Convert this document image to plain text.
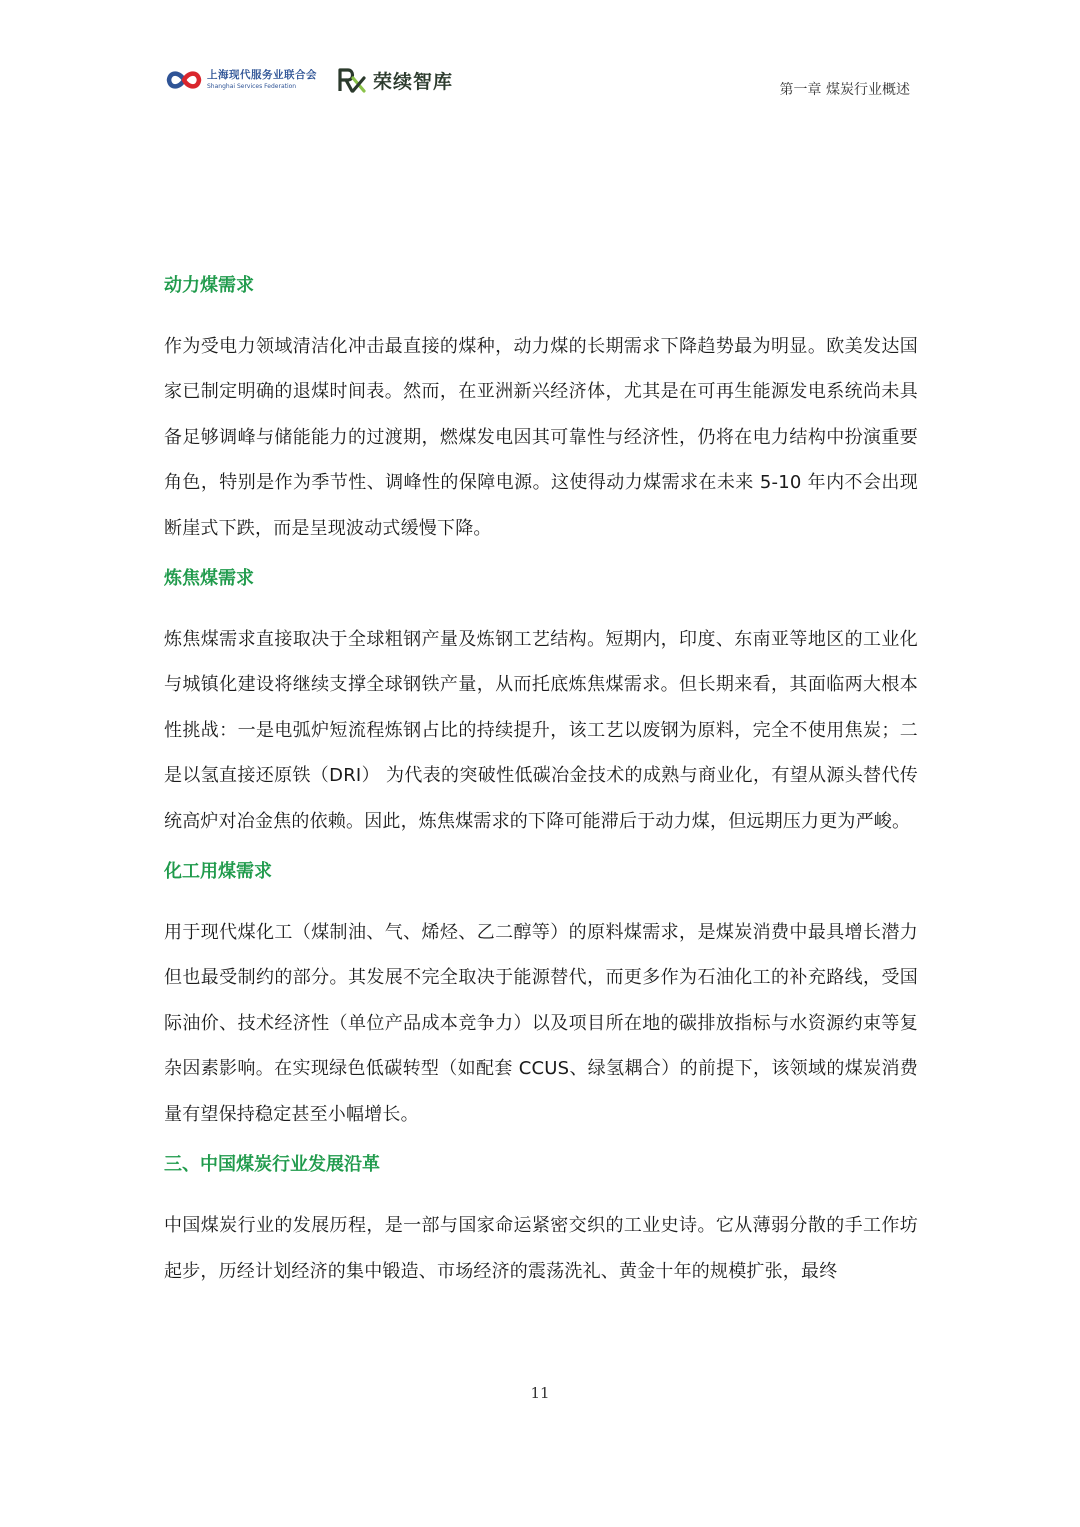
上海现代服务业联合会
Shanghai Services Federation	荣续智库	第一章 煤炭行业概述
动力煤需求

作为受电力领域清洁化冲击最直接的煤种，动力煤的长期需求下降趋势最为明显。欧美发达国家已制定明确的退煤时间表。然而，在亚洲新兴经济体，尤其是在可再生能源发电系统尚未具备足够调峰与储能能力的过渡期，燃煤发电因其可靠性与经济性，仍将在电力结构中扮演重要角色，特别是作为季节性、调峰性的保障电源。这使得动力煤需求在未来 5-10 年内不会出现断崖式下跌，而是呈现波动式缓慢下降。

炼焦煤需求

炼焦煤需求直接取决于全球粗钢产量及炼钢工艺结构。短期内，印度、东南亚等地区的工业化与城镇化建设将继续支撑全球钢铁产量，从而托底炼焦煤需求。但长期来看，其面临两大根本性挑战：一是电弧炉短流程炼钢占比的持续提升，该工艺以废钢为原料，完全不使用焦炭；二是以氢直接还原铁（DRI） 为代表的突破性低碳冶金技术的成熟与商业化，有望从源头替代传统高炉对冶金焦的依赖。因此，炼焦煤需求的下降可能滞后于动力煤，但远期压力更为严峻。

化工用煤需求

用于现代煤化工（煤制油、气、烯烃、乙二醇等）的原料煤需求，是煤炭消费中最具增长潜力但也最受制约的部分。其发展不完全取决于能源替代，而更多作为石油化工的补充路线，受国际油价、技术经济性（单位产品成本竞争力）以及项目所在地的碳排放指标与水资源约束等复杂因素影响。在实现绿色低碳转型（如配套 CCUS、绿氢耦合）的前提下，该领域的煤炭消费量有望保持稳定甚至小幅增长。

三、中国煤炭行业发展沿革

中国煤炭行业的发展历程，是一部与国家命运紧密交织的工业史诗。它从薄弱分散的手工作坊起步，历经计划经济的集中锻造、市场经济的震荡洗礼、黄金十年的规模扩张，最终

11
